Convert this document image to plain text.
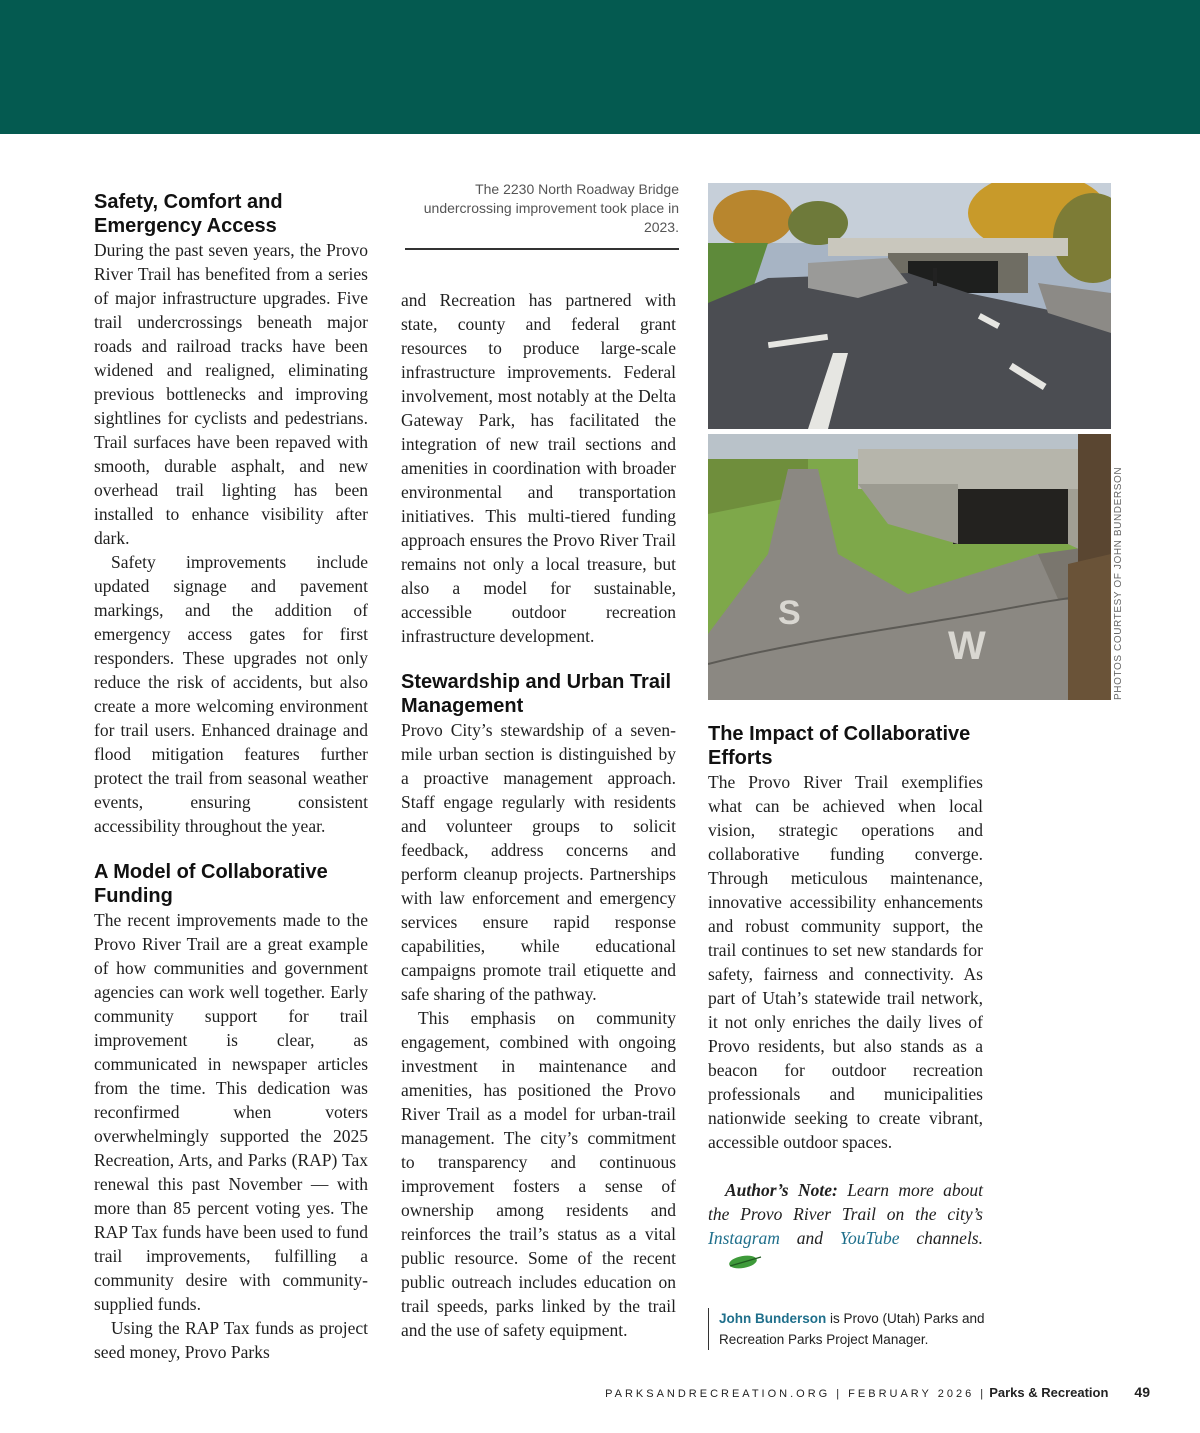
Safety, Comfort and Emergency Access

During the past seven years, the Provo River Trail has benefited from a series of major infrastructure upgrades. Five trail undercrossings beneath major roads and railroad tracks have been widened and realigned, eliminating previous bottlenecks and improving sightlines for cyclists and pedestrians. Trail surfaces have been repaved with smooth, durable asphalt, and new overhead trail lighting has been installed to enhance visibility after dark.

Safety improvements include updated signage and pavement markings, and the addition of emergency access gates for first responders. These upgrades not only reduce the risk of accidents, but also create a more welcoming environment for trail users. Enhanced drainage and flood mitigation features further protect the trail from seasonal weather events, ensuring consistent accessibility throughout the year.

A Model of Collaborative Funding

The recent improvements made to the Provo River Trail are a great example of how communities and government agencies can work well together. Early community support for trail improvement is clear, as communicated in newspaper articles from the time. This dedication was reconfirmed when voters overwhelmingly supported the 2025 Recreation, Arts, and Parks (RAP) Tax renewal this past November — with more than 85 percent voting yes. The RAP Tax funds have been used to fund trail improvements, fulfilling a community desire with community-supplied funds.

Using the RAP Tax funds as project seed money, Provo Parks

The 2230 North Roadway Bridge undercrossing improvement took place in 2023.

and Recreation has partnered with state, county and federal grant resources to produce large-scale infrastructure improvements. Federal involvement, most notably at the Delta Gateway Park, has facilitated the integration of new trail sections and amenities in coordination with broader environmental and transportation initiatives. This multi-tiered funding approach ensures the Provo River Trail remains not only a local treasure, but also a model for sustainable, accessible outdoor recreation infrastructure development.

Stewardship and Urban Trail Management

Provo City’s stewardship of a seven-mile urban section is distinguished by a proactive management approach. Staff engage regularly with residents and volunteer groups to solicit feedback, address concerns and perform cleanup projects. Partnerships with law enforcement and emergency services ensure rapid response capabilities, while educational campaigns promote trail etiquette and safe sharing of the pathway.

This emphasis on community engagement, combined with ongoing investment in maintenance and amenities, has positioned the Provo River Trail as a model for urban-trail management. The city’s commitment to transparency and continuous improvement fosters a sense of ownership among residents and reinforces the trail’s status as a vital public resource. Some of the recent public outreach includes education on trail speeds, parks linked by the trail and the use of safety equipment.

S
W	PHOTOS COURTESY OF JOHN BUNDERSON
The Impact of Collaborative Efforts

The Provo River Trail exemplifies what can be achieved when local vision, strategic operations and collaborative funding converge. Through meticulous maintenance, innovative accessibility enhancements and robust community support, the trail continues to set new standards for safety, fairness and connectivity. As part of Utah’s statewide trail network, it not only enriches the daily lives of Provo residents, but also stands as a beacon for outdoor recreation professionals and municipalities nationwide seeking to create vibrant, accessible outdoor spaces.

Author’s Note: Learn more about the Provo River Trail on the city’s Instagram and YouTube channels.

John Bunderson is Provo (Utah) Parks and Recreation Parks Project Manager.
PARKSANDRECREATION.ORG | FEBRUARY 2026 | Parks & Recreation 49
